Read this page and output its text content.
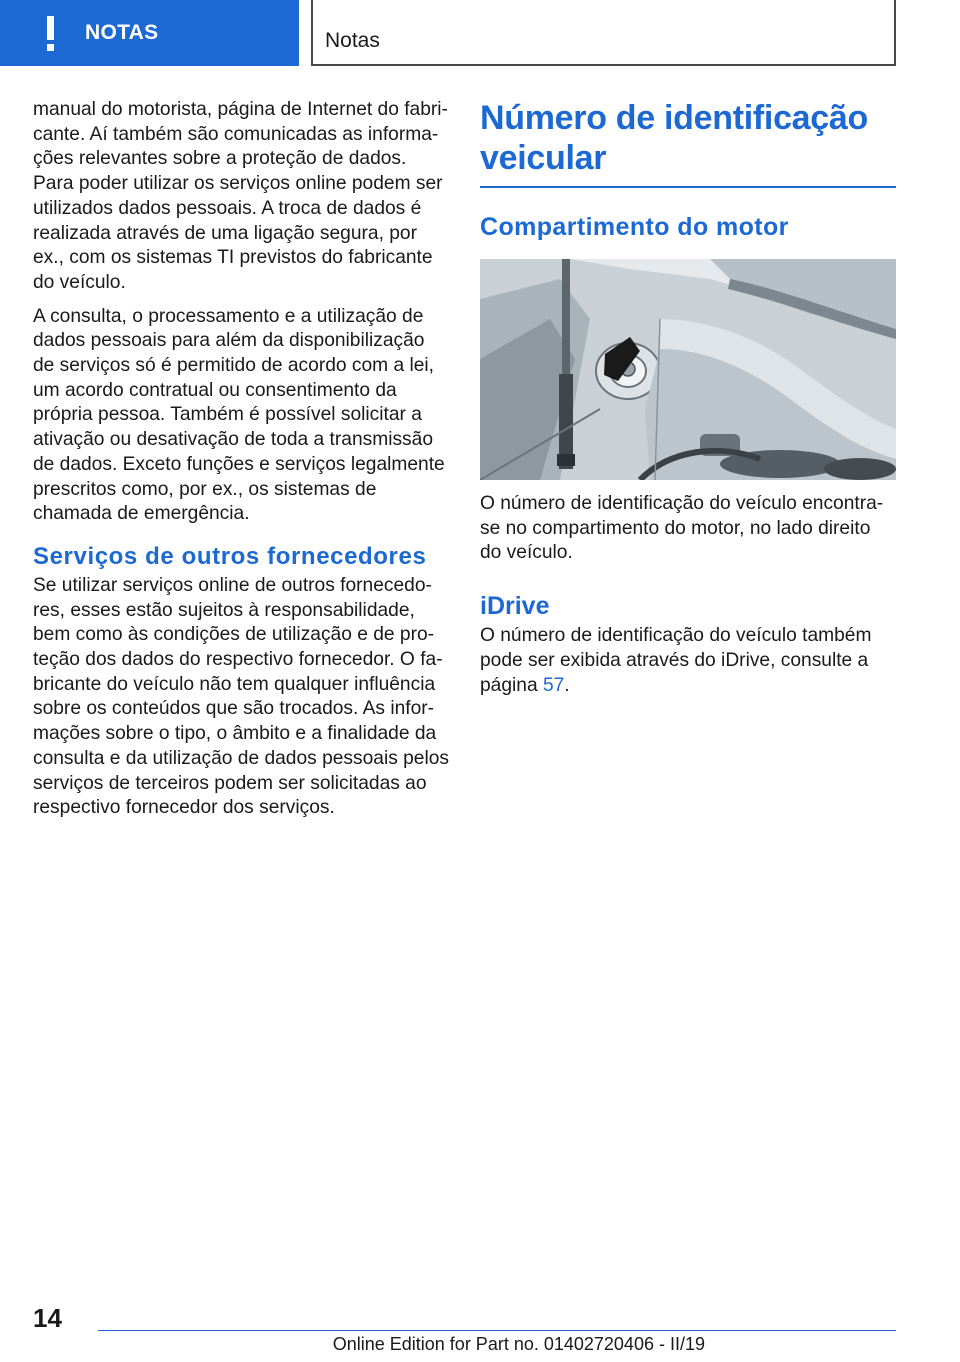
NOTAS	Notas

manual do motorista, página de Internet do fabricante. Aí também são comunicadas as informações relevantes sobre a proteção de dados. Para poder utilizar os serviços online podem ser utilizados dados pessoais. A troca de dados é realizada através de uma ligação segura, por ex., com os sistemas TI previstos do fabricante do veículo.

A consulta, o processamento e a utilização de dados pessoais para além da disponibilização de serviços só é permitido de acordo com a lei, um acordo contratual ou consentimento da própria pessoa. Também é possível solicitar a ativação ou desativação de toda a transmissão de dados. Exceto funções e serviços legalmente prescritos como, por ex., os sistemas de chamada de emergência.

Serviços de outros fornecedores

Se utilizar serviços online de outros fornecedores, esses estão sujeitos à responsabilidade, bem como às condições de utilização e de proteção dos dados do respectivo fornecedor. O fabricante do veículo não tem qualquer influência sobre os conteúdos que são trocados. As informações sobre o tipo, o âmbito e a finalidade da consulta e da utilização de dados pessoais pelos serviços de terceiros podem ser solicitadas ao respectivo fornecedor dos serviços.

Número de identificação veicular
Compartimento do motor

O número de identificação do veículo encontra-se no compartimento do motor, no lado direito do veículo.

iDrive

O número de identificação do veículo também pode ser exibida através do iDrive, consulte a página 57.

14
Online Edition for Part no. 01402720406 - II/19
